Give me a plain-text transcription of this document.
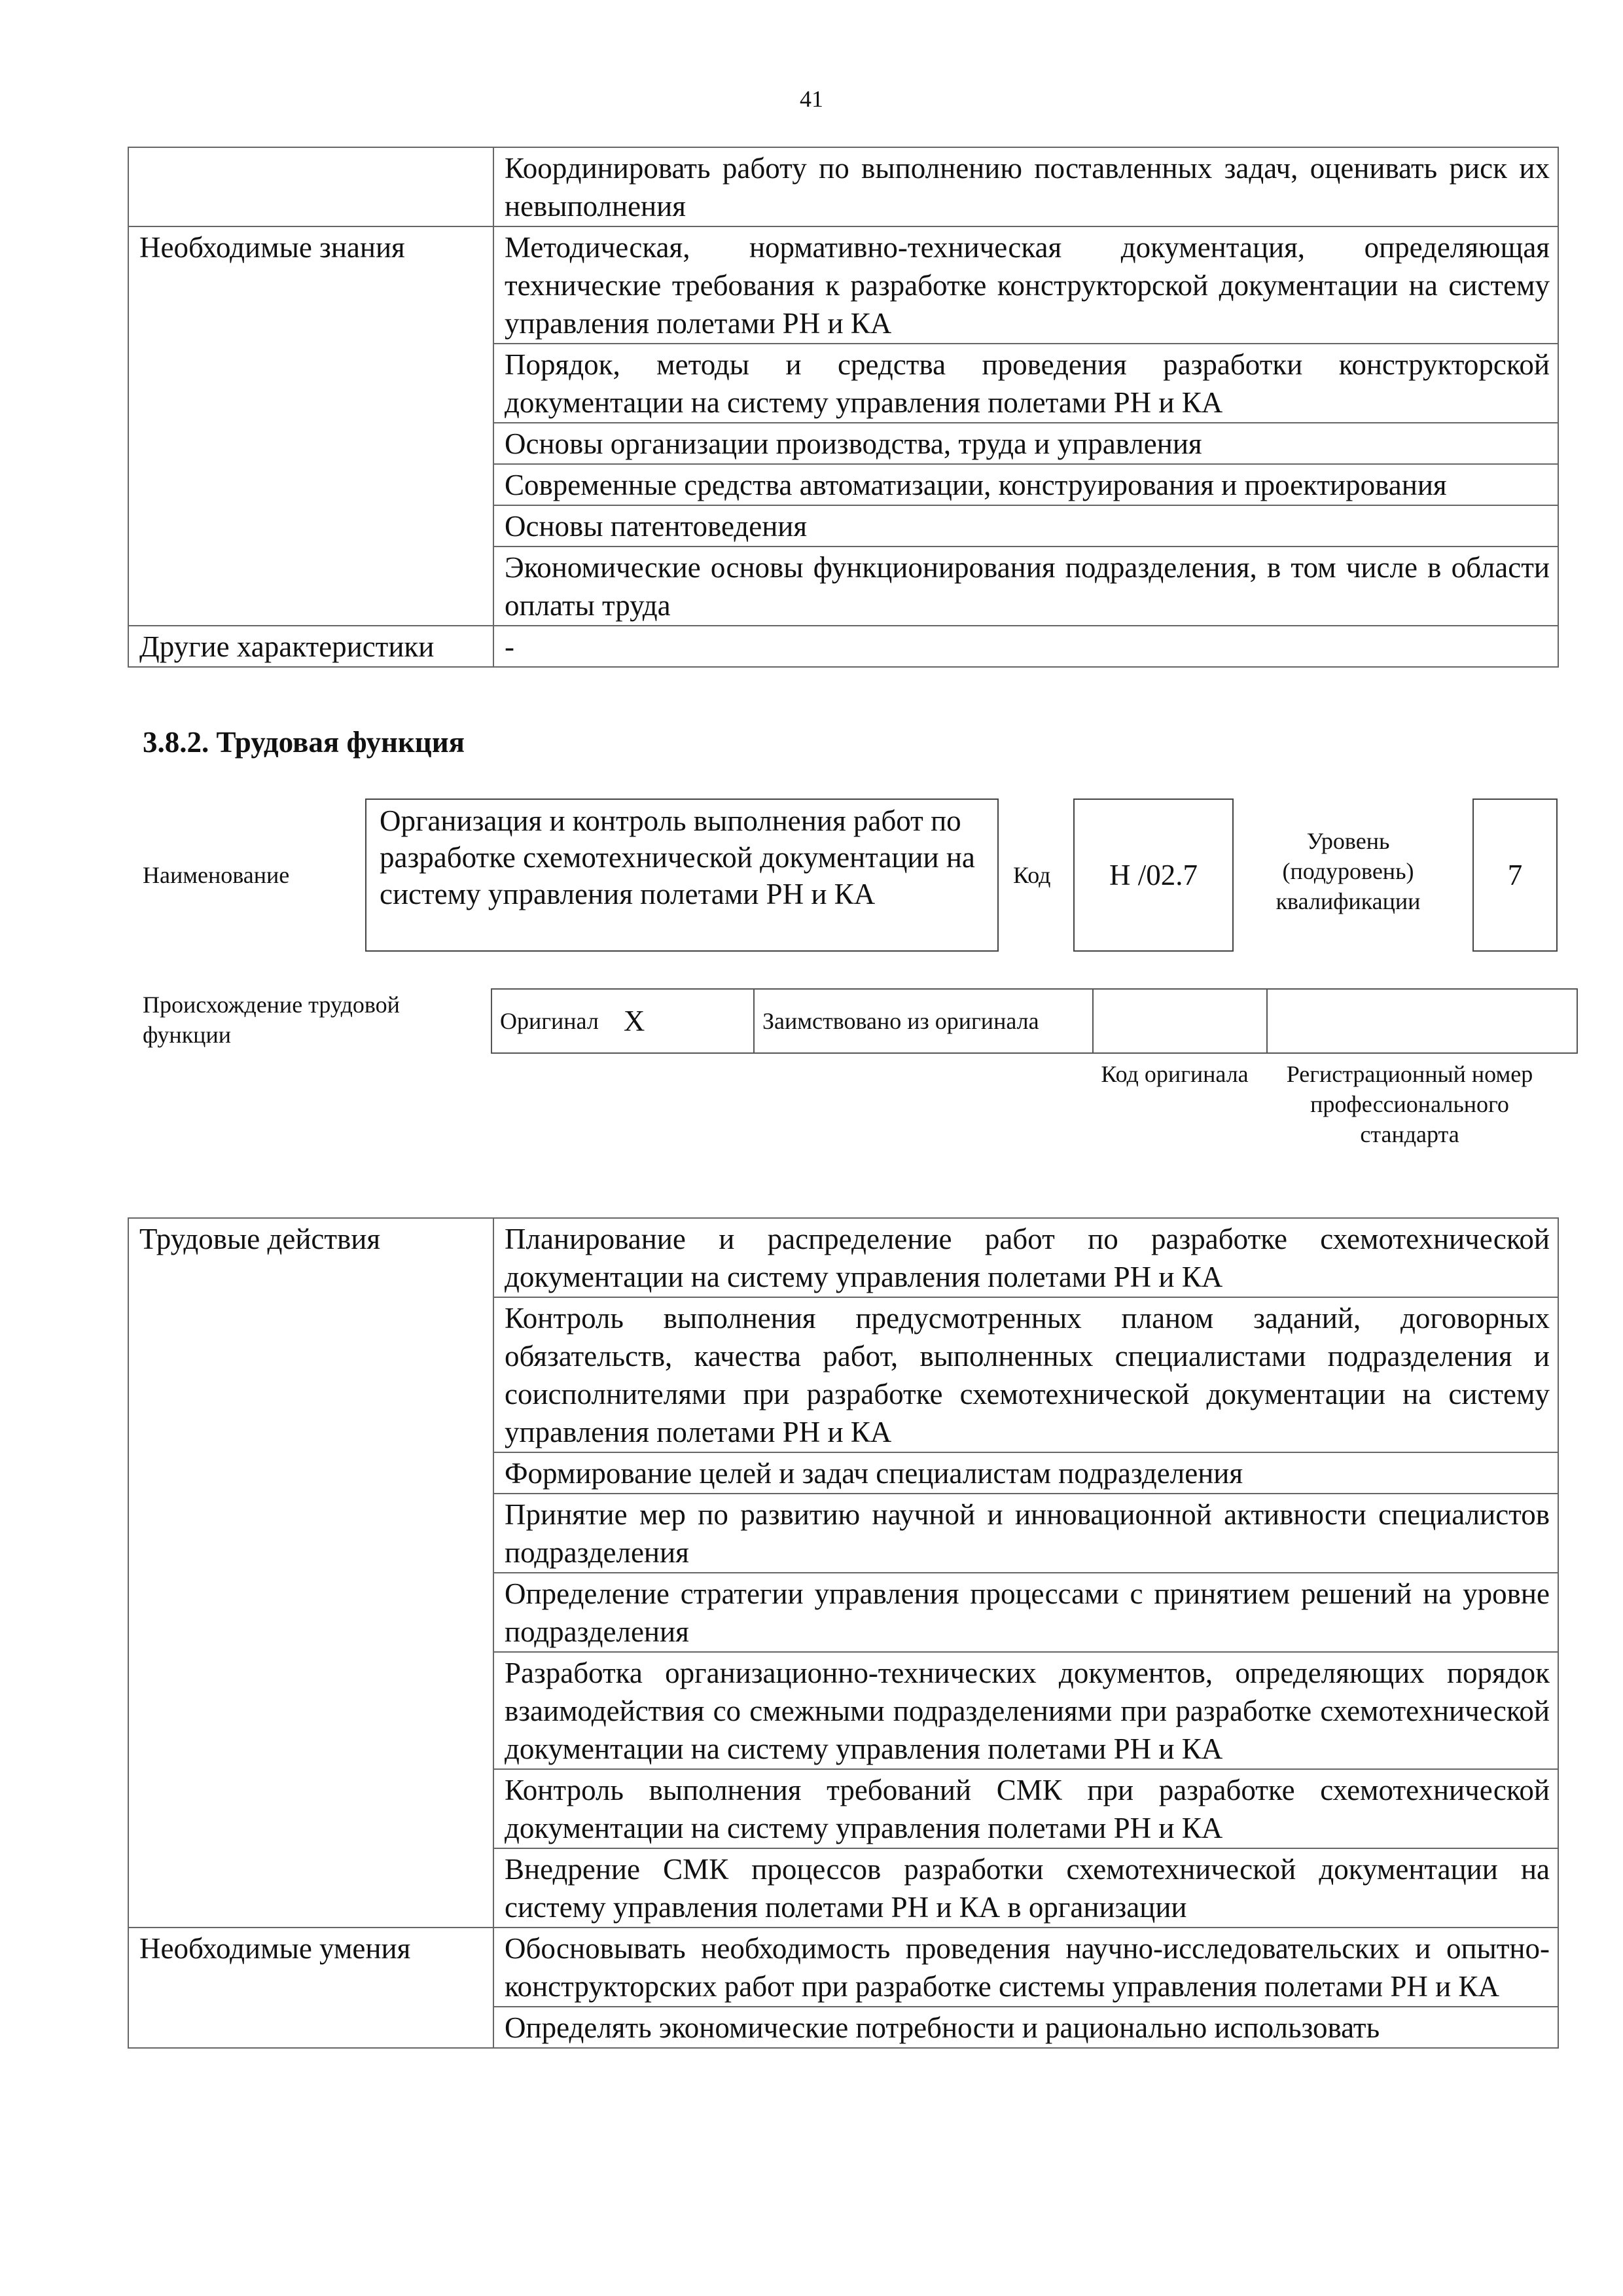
41
	Координировать работу по выполнению поставленных задач, оценивать риск их невыполнения
Необходимые знания	Методическая, нормативно-техническая документация, определяющая технические требования к разработке конструкторской документации на систему управления полетами РН и КА
	Порядок, методы и средства проведения разработки конструкторской документации на систему управления полетами РН и КА
	Основы организации производства, труда и управления
	Современные средства автоматизации, конструирования и проектирования
	Основы патентоведения
	Экономические основы функционирования подразделения, в том числе в области оплаты труда
Другие характеристики	-
3.8.2. Трудовая функция
Наименование
Организация и контроль выполнения работ по разработке схемотехнической документации на систему управления полетами РН и КА
Код H /02.7
Уровень (подуровень) квалификации
7
Происхождение трудовой функции
Оригинал X	Заимствовано из оригинала		
Код оригинала	Регистрационный номер профессионального стандарта
Трудовые действия	Планирование и распределение работ по разработке схемотехнической документации на систему управления полетами РН и КА
	Контроль выполнения предусмотренных планом заданий, договорных обязательств, качества работ, выполненных специалистами подразделения и соисполнителями при разработке схемотехнической документации на систему управления полетами РН и КА
	Формирование целей и задач специалистам подразделения
	Принятие мер по развитию научной и инновационной активности специалистов подразделения
	Определение стратегии управления процессами с принятием решений на уровне подразделения
	Разработка организационно-технических документов, определяющих порядок взаимодействия со смежными подразделениями при разработке схемотехнической документации на систему управления полетами РН и КА
	Контроль выполнения требований СМК при разработке схемотехнической документации на систему управления полетами РН и КА
	Внедрение СМК процессов разработки схемотехнической документации на систему управления полетами РН и КА в организации
Необходимые умения	Обосновывать необходимость проведения научно-исследовательских и опытно-конструкторских работ при разработке системы управления полетами РН и КА
	Определять экономические потребности и рационально использовать
